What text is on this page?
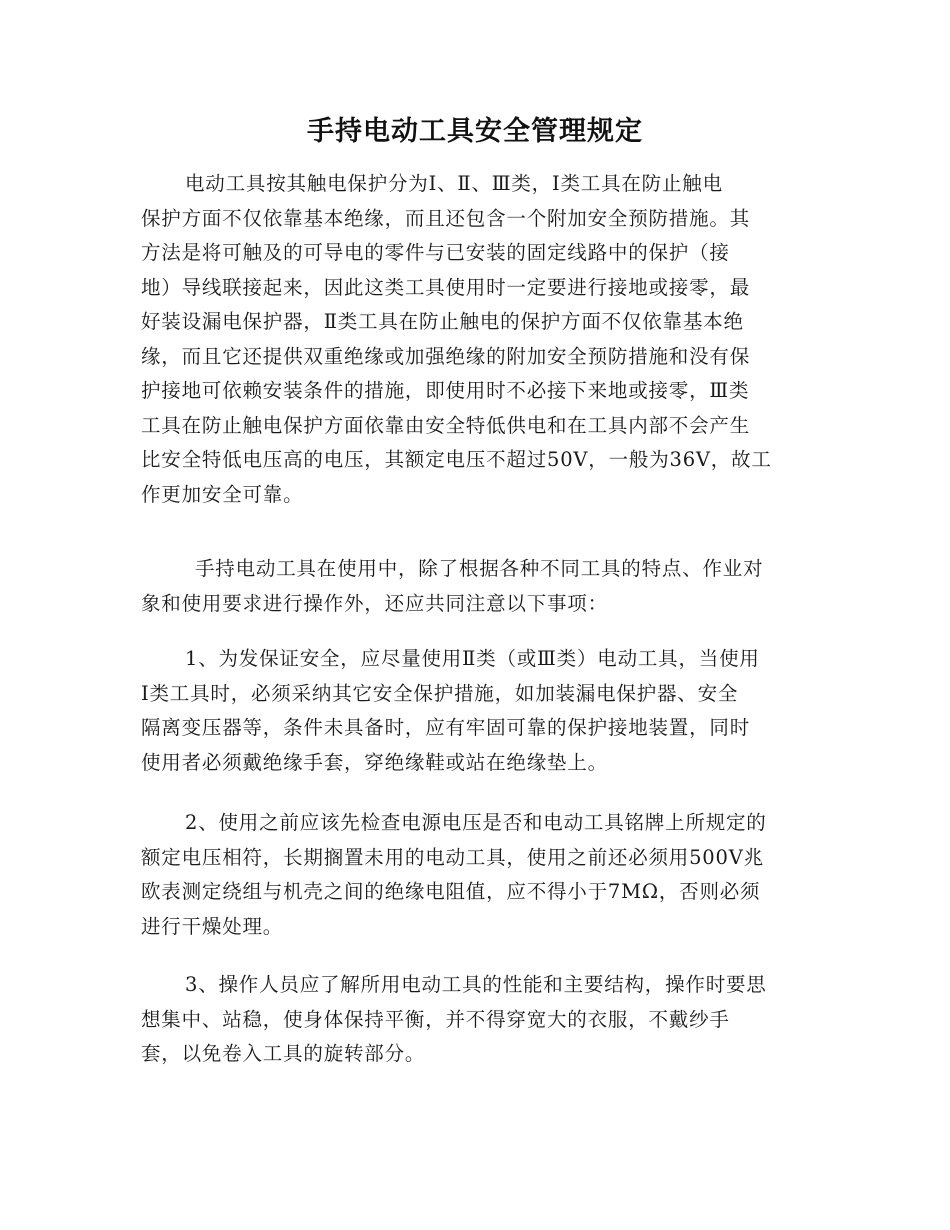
手持电动工具安全管理规定

电动工具按其触电保护分为Ⅰ、Ⅱ、Ⅲ类，Ⅰ类工具在防止触电
保护方面不仅依靠基本绝缘，而且还包含一个附加安全预防措施。其
方法是将可触及的可导电的零件与已安装的固定线路中的保护（接
地）导线联接起来，因此这类工具使用时一定要进行接地或接零，最
好装设漏电保护器，Ⅱ类工具在防止触电的保护方面不仅依靠基本绝
缘，而且它还提供双重绝缘或加强绝缘的附加安全预防措施和没有保
护接地可依赖安装条件的措施，即使用时不必接下来地或接零，Ⅲ类
工具在防止触电保护方面依靠由安全特低供电和在工具内部不会产生
比安全特低电压高的电压，其额定电压不超过50V，一般为36V，故工
作更加安全可靠。

手持电动工具在使用中，除了根据各种不同工具的特点、作业对
象和使用要求进行操作外，还应共同注意以下事项：

1、为发保证安全，应尽量使用Ⅱ类（或Ⅲ类）电动工具，当使用
Ⅰ类工具时，必须采纳其它安全保护措施，如加装漏电保护器、安全
隔离变压器等，条件未具备时，应有牢固可靠的保护接地装置，同时
使用者必须戴绝缘手套，穿绝缘鞋或站在绝缘垫上。

2、使用之前应该先检查电源电压是否和电动工具铭牌上所规定的
额定电压相符，长期搁置未用的电动工具，使用之前还必须用500V兆
欧表测定绕组与机壳之间的绝缘电阻值，应不得小于7MΩ，否则必须
进行干燥处理。

3、操作人员应了解所用电动工具的性能和主要结构，操作时要思
想集中、站稳，使身体保持平衡，并不得穿宽大的衣服，不戴纱手
套，以免卷入工具的旋转部分。
